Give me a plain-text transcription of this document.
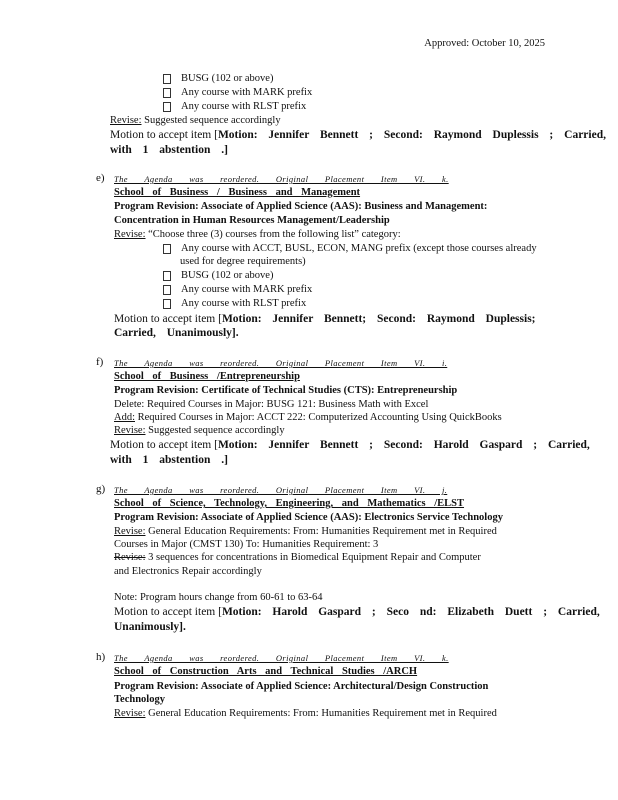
Approved: October 10, 2025
BUSG (102 or above)
Any course with MARK prefix
Any course with RLST prefix
Revise: Suggested sequence accordingly
Motion to accept item [Motion: Jennifer Bennett ; Second: Raymond Duplessis ; Carried,
with 1 abstention .]
e) The Agenda was reordered. Original Placement Item VI. k.
School of Business / Business and Management
Program Revision: Associate of Applied Science (AAS): Business and Management:
Concentration in Human Resources Management/Leadership
Revise: “Choose three (3) courses from the following list” category:
Any course with ACCT, BUSL, ECON, MANG prefix (except those courses already
used for degree requirements)
BUSG (102 or above)
Any course with MARK prefix
Any course with RLST prefix
Motion to accept item [Motion: Jennifer Bennett; Second: Raymond Duplessis;
Carried, Unanimously].
f) The Agenda was reordered. Original Placement Item VI. i.
School of Business /Entrepreneurship
Program Revision: Certificate of Technical Studies (CTS): Entrepreneurship
Delete: Required Courses in Major: BUSG 121: Business Math with Excel
Add: Required Courses in Major: ACCT 222: Computerized Accounting Using QuickBooks
Revise: Suggested sequence accordingly
Motion to accept item [Motion: Jennifer Bennett ; Second: Harold Gaspard ; Carried,
with 1 abstention .]
g) The Agenda was reordered. Original Placement Item VI. j.
School of Science, Technology, Engineering, and Mathematics /ELST
Program Revision: Associate of Applied Science (AAS): Electronics Service Technology
Revise: General Education Requirements: From: Humanities Requirement met in Required
Courses in Major (CMST 130) To: Humanities Requirement: 3
Revise: 3 sequences for concentrations in Biomedical Equipment Repair and Computer
and Electronics Repair accordingly
Note: Program hours change from 60-61 to 63-64
Motion to accept item [Motion: Harold Gaspard ; Seco nd: Elizabeth Duett ; Carried,
Unanimously].
h) The Agenda was reordered. Original Placement Item VI. k.
School of Construction Arts and Technical Studies /ARCH
Program Revision: Associate of Applied Science: Architectural/Design Construction
Technology
Revise: General Education Requirements: From: Humanities Requirement met in Required
